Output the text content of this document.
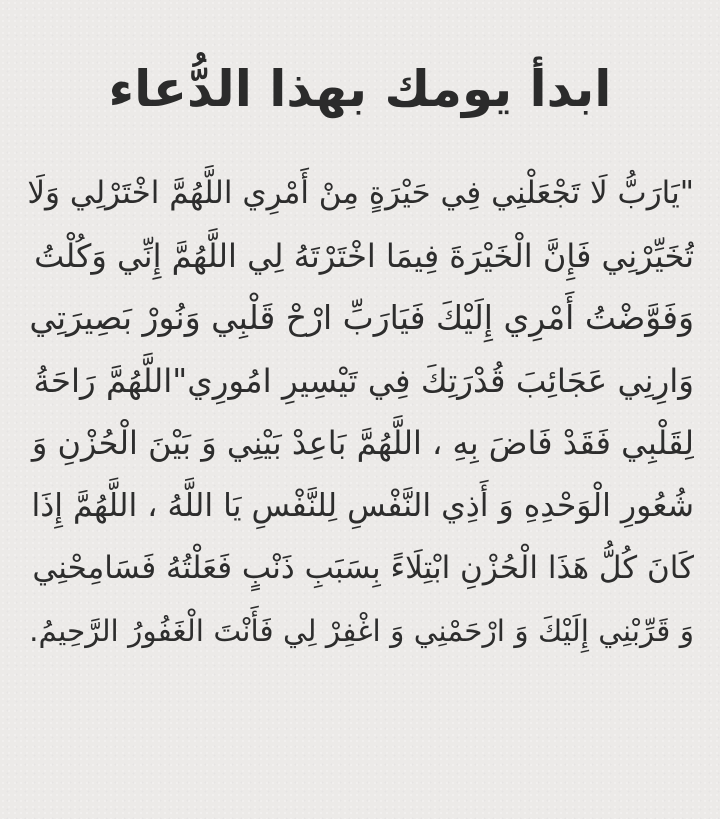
ابدأ يومك بهذا الدُّعاء
"يَارَبُّ لَا تَجْعَلْنِي فِي حَيْرَةٍ مِنْ أَمْرِي اللَّهُمَّ اخْتَرْلِي وَلَا
تُخَيِّرْنِي فَإِنَّ الْخَيْرَةَ فِيمَا اخْتَرْتَهُ لِي اللَّهُمَّ إِنِّي وَكُلْتُ
وَفَوَّضْتُ أَمْرِي إِلَيْكَ فَيَارَبِّ ارْحْ قَلْبِي وَنُورْ بَصِيرَتِي
وَارِنِي عَجَائِبَ قُدْرَتِكَ فِي تَيْسِيرِ امُورِي"اللَّهُمَّ رَاحَةُ
لِقَلْبِي فَقَدْ فَاضَ بِهِ ، اللَّهُمَّ بَاعِدْ بَيْنِي وَ بَيْنَ الْحُزْنِ وَ
شُعُورِ الْوَحْدِهِ وَ أَذِي النَّفْسِ لِلنَّفْسِ يَا اللَّهُ ، اللَّهُمَّ إِذَا
كَانَ كُلُّ هَذَا الْحُزْنِ ابْتِلَاءً بِسَبَبِ ذَنْبٍ فَعَلْتُهُ فَسَامِحْنِي
وَ قَرِّبْنِي إِلَيْكَ وَ ارْحَمْنِي وَ اغْفِرْ لِي فَأَنْتَ الْغَفُورُ الرَّحِيمُ.
